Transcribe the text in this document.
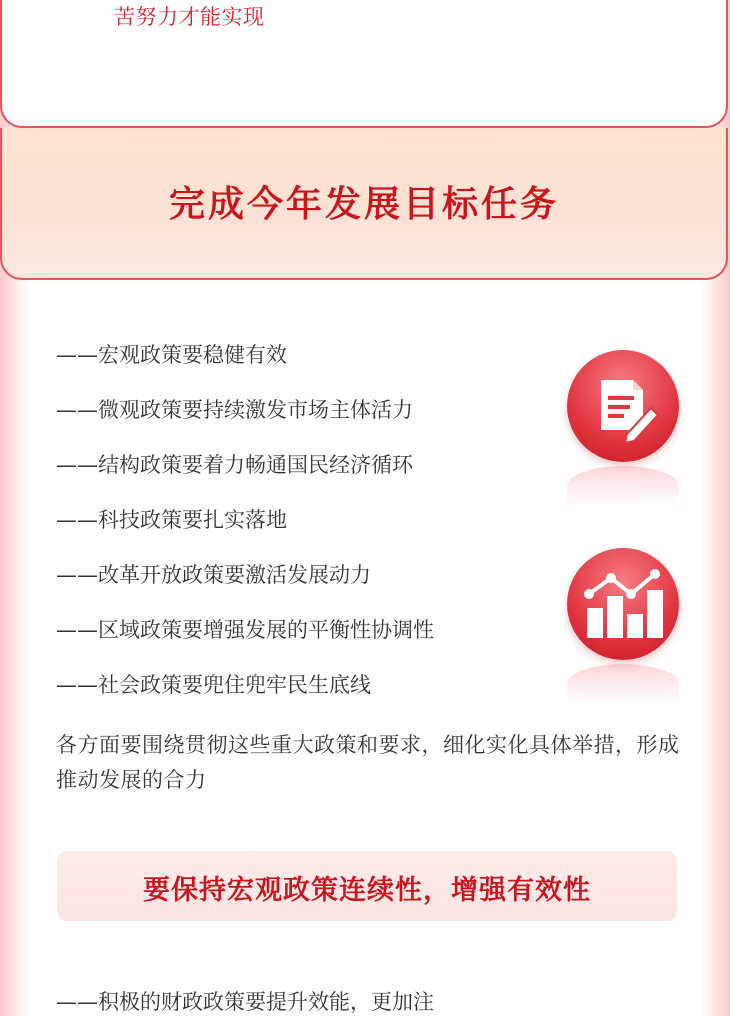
苦努力才能实现
完成今年发展目标任务
——宏观政策要稳健有效
——微观政策要持续激发市场主体活力
——结构政策要着力畅通国民经济循环
——科技政策要扎实落地
——改革开放政策要激活发展动力
——区域政策要增强发展的平衡性协调性
——社会政策要兜住兜牢民生底线
各方面要围绕贯彻这些重大政策和要求，细化实化具体举措，形成推动发展的合力
要保持宏观政策连续性，增强有效性
——积极的财政政策要提升效能，更加注
